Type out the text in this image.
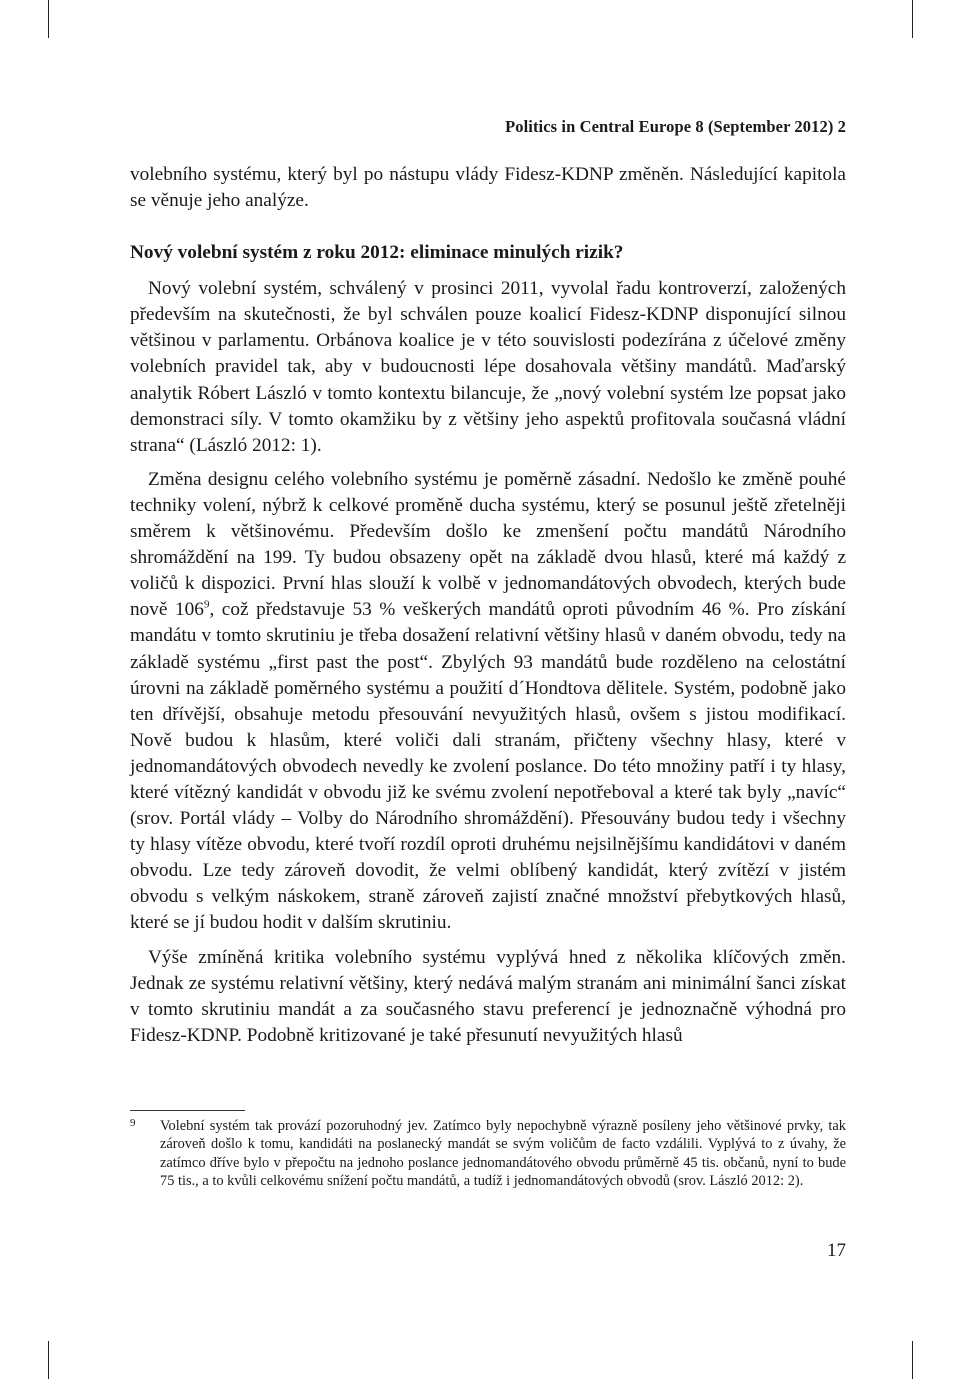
Politics in Central Europe 8 (September 2012) 2

volebního systému, který byl po nástupu vlády Fidesz-KDNP změněn. Následující kapitola se věnuje jeho analýze.

Nový volební systém z roku 2012: eliminace minulých rizik?

Nový volební systém, schválený v prosinci 2011, vyvolal řadu kontroverzí, založených především na skutečnosti, že byl schválen pouze koalicí Fidesz-KDNP disponující silnou většinou v parlamentu. Orbánova koalice je v této souvislosti podezírána z účelové změny volebních pravidel tak, aby v budoucnosti lépe dosahovala většiny mandátů. Maďarský analytik Róbert László v tomto kontextu bilancuje, že „nový volební systém lze popsat jako demonstraci síly. V tomto okamžiku by z většiny jeho aspektů profitovala současná vládní strana“ (László 2012: 1).

Změna designu celého volebního systému je poměrně zásadní. Nedošlo ke změně pouhé techniky volení, nýbrž k celkové proměně ducha systému, který se posunul ještě zřetelněji směrem k většinovému. Především došlo ke zmenšení počtu mandátů Národního shromáždění na 199. Ty budou obsazeny opět na základě dvou hlasů, které má každý z voličů k dispozici. První hlas slouží k volbě v jednomandátových obvodech, kterých bude nově $106^9$, což představuje 53 % veškerých mandátů oproti původním 46 %. Pro získání mandátu v tomto skrutiniu je třeba dosažení relativní většiny hlasů v daném obvodu, tedy na základě systému „first past the post“. Zbylých 93 mandátů bude rozděleno na celostátní úrovni na základě poměrného systému a použití d´Hondtova dělitele. Systém, podobně jako ten dřívější, obsahuje metodu přesouvání nevyužitých hlasů, ovšem s jistou modifikací. Nově budou k hlasům, které voliči dali stranám, přičteny všechny hlasy, které v jednomandátových obvodech nevedly ke zvolení poslance. Do této množiny patří i ty hlasy, které vítězný kandidát v obvodu již ke svému zvolení nepotřeboval a které tak byly „navíc“ (srov. Portál vlády – Volby do Národního shromáždění). Přesouvány budou tedy i všechny ty hlasy vítěze obvodu, které tvoří rozdíl oproti druhému nejsilnějšímu kandidátovi v daném obvodu. Lze tedy zároveň dovodit, že velmi oblíbený kandidát, který zvítězí v jistém obvodu s velkým náskokem, straně zároveň zajistí značné množství přebytkových hlasů, které se jí budou hodit v dalším skrutiniu.

Výše zmíněná kritika volebního systému vyplývá hned z několika klíčových změn. Jednak ze systému relativní většiny, který nedává malým stranám ani minimální šanci získat v tomto skrutiniu mandát a za současného stavu preferencí je jednoznačně výhodná pro Fidesz-KDNP. Podobně kritizované je také přesunutí nevyužitých hlasů

9 Volební systém tak provází pozoruhodný jev. Zatímco byly nepochybně výrazně posíleny jeho většinové prvky, tak zároveň došlo k tomu, kandidáti na poslanecký mandát se svým voličům de facto vzdálili. Vyplývá to z úvahy, že zatímco dříve bylo v přepočtu na jednoho poslance jednomandátového obvodu průměrně 45 tis. občanů, nyní to bude 75 tis., a to kvůli celkovému snížení počtu mandátů, a tudíž i jednomandátových obvodů (srov. László 2012: 2).
17
